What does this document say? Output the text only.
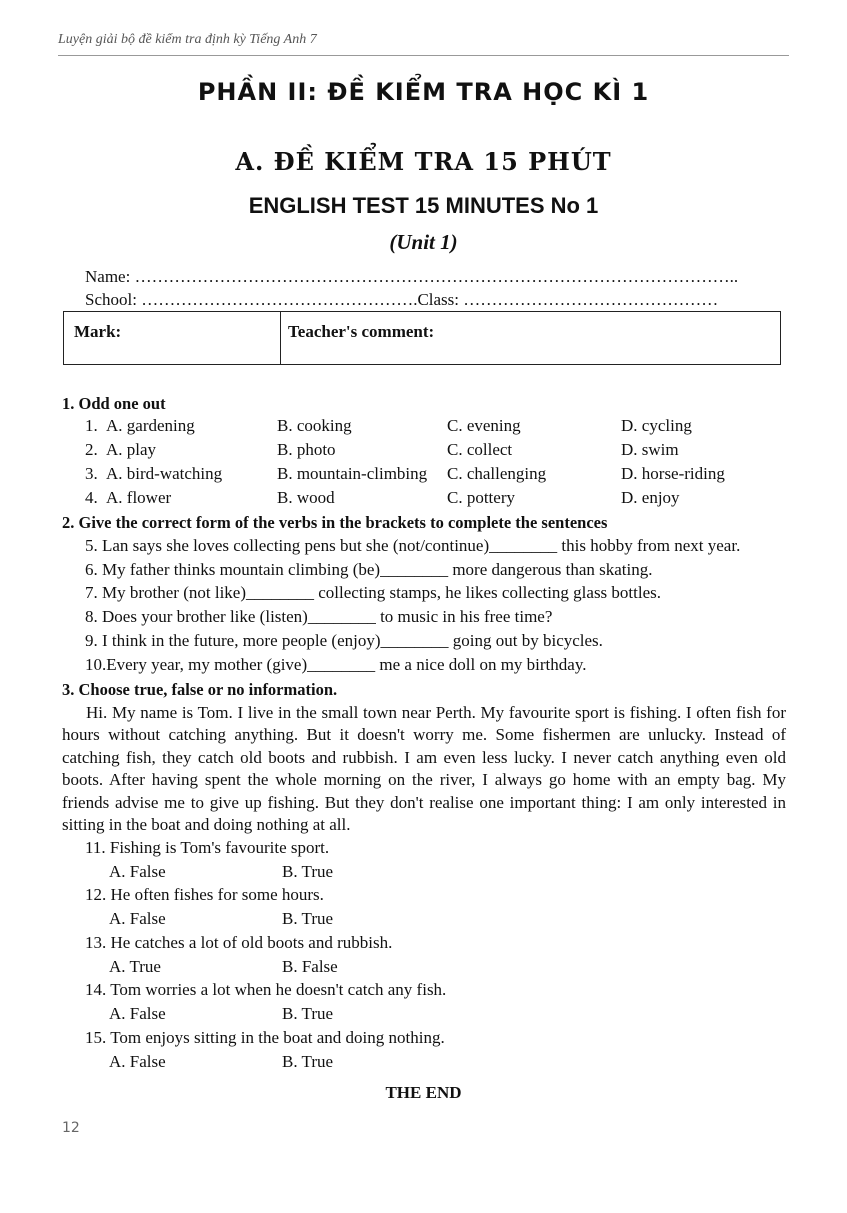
Luyện giải bộ đề kiểm tra định kỳ Tiếng Anh 7
PHẦN II: ĐỀ KIỂM TRA HỌC KÌ 1
A. ĐỀ KIỂM TRA 15 PHÚT
ENGLISH TEST 15 MINUTES No 1
(Unit 1)
Name: ……………………………………………………………………………………………..
School: ………………………………………….Class: ………………………………………
Mark:	Teacher's comment:
1. Odd one out
1. A. gardening	B. cooking	C. evening	D. cycling
2. A. play	B. photo	C. collect	D. swim
3. A. bird-watching	B. mountain-climbing C. challenging	D. horse-riding
4. A. flower	B. wood	C. pottery	D. enjoy
2. Give the correct form of the verbs in the brackets to complete the sentences
5. Lan says she loves collecting pens but she (not/continue)________ this hobby from next year.
6. My father thinks mountain climbing (be)________ more dangerous than skating.
7. My brother (not like)________ collecting stamps, he likes collecting glass bottles.
8. Does your brother like (listen)________ to music in his free time?
9. I think in the future, more people (enjoy)________ going out by bicycles.
10.Every year, my mother (give)________ me a nice doll on my birthday.
3. Choose true, false or no information.

Hi. My name is Tom. I live in the small town near Perth. My favourite sport is fishing. I often fish for hours without catching anything. But it doesn't worry me. Some fishermen are unlucky. Instead of catching fish, they catch old boots and rubbish. I am even less lucky. I never catch anything even old boots. After having spent the whole morning on the river, I always go home with an empty bag. My friends advise me to give up fishing. But they don't realise one important thing: I am only interested in sitting in the boat and doing nothing at all.

11. Fishing is Tom's favourite sport.
A. False	B. True
12. He often fishes for some hours.
A. False	B. True
13. He catches a lot of old boots and rubbish.
A. True	B. False
14. Tom worries a lot when he doesn't catch any fish.
A. False	B. True
15. Tom enjoys sitting in the boat and doing nothing.
A. False	B. True
THE END
12
